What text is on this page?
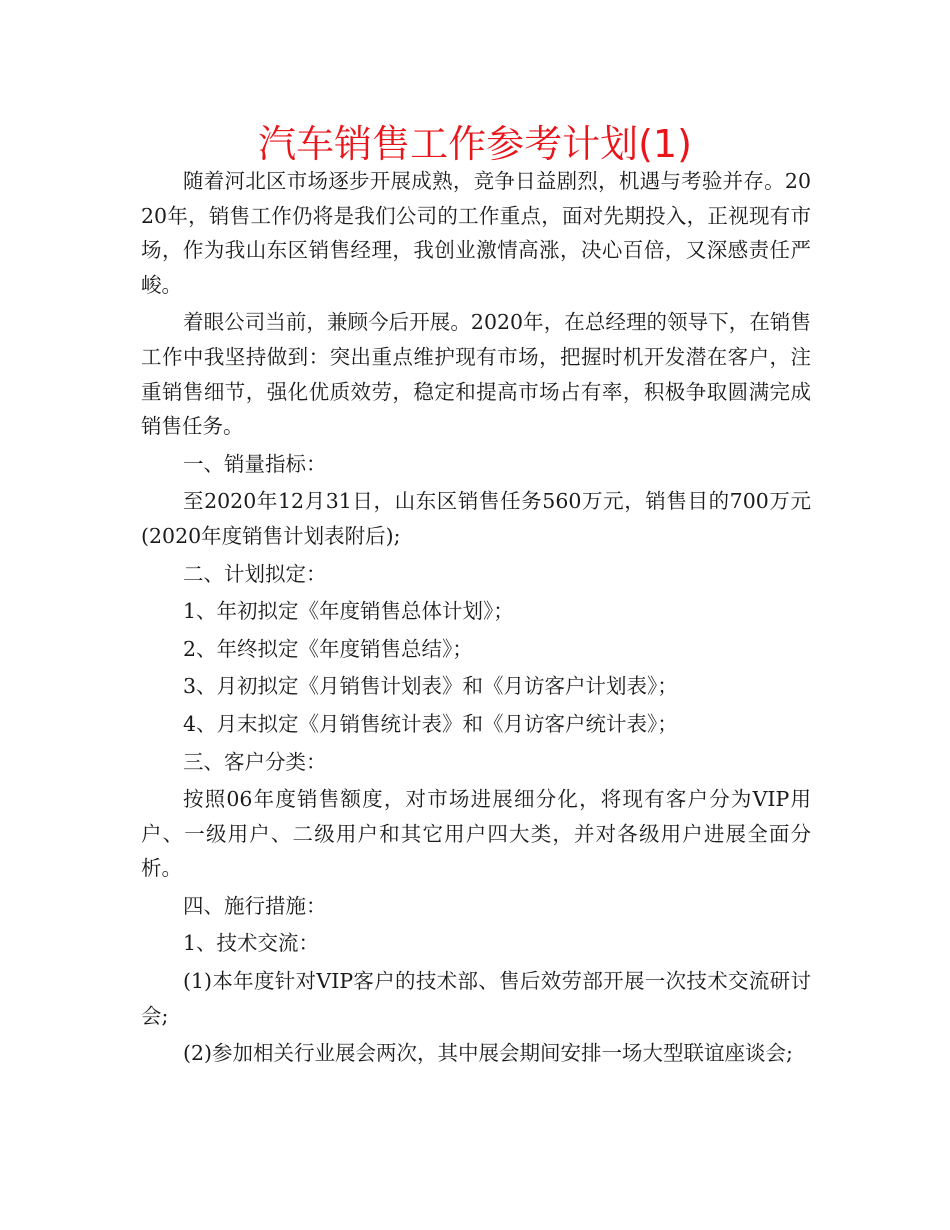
汽车销售工作参考计划(1)

随着河北区市场逐步开展成熟，竞争日益剧烈，机遇与考验并存。2020年，销售工作仍将是我们公司的工作重点，面对先期投入，正视现有市场，作为我山东区销售经理，我创业激情高涨，决心百倍，又深感责任严峻。

着眼公司当前，兼顾今后开展。2020年，在总经理的领导下，在销售工作中我坚持做到：突出重点维护现有市场，把握时机开发潜在客户，注重销售细节，强化优质效劳，稳定和提高市场占有率，积极争取圆满完成销售任务。

一、销量指标：

至2020年12月31日，山东区销售任务560万元，销售目的700万元(2020年度销售计划表附后);

二、计划拟定：

1、年初拟定《年度销售总体计划》；

2、年终拟定《年度销售总结》；

3、月初拟定《月销售计划表》和《月访客户计划表》；

4、月末拟定《月销售统计表》和《月访客户统计表》；

三、客户分类：

按照06年度销售额度，对市场进展细分化，将现有客户分为VIP用户、一级用户、二级用户和其它用户四大类，并对各级用户进展全面分析。

四、施行措施：

1、技术交流：

(1)本年度针对VIP客户的技术部、售后效劳部开展一次技术交流研讨会;

(2)参加相关行业展会两次，其中展会期间安排一场大型联谊座谈会;
